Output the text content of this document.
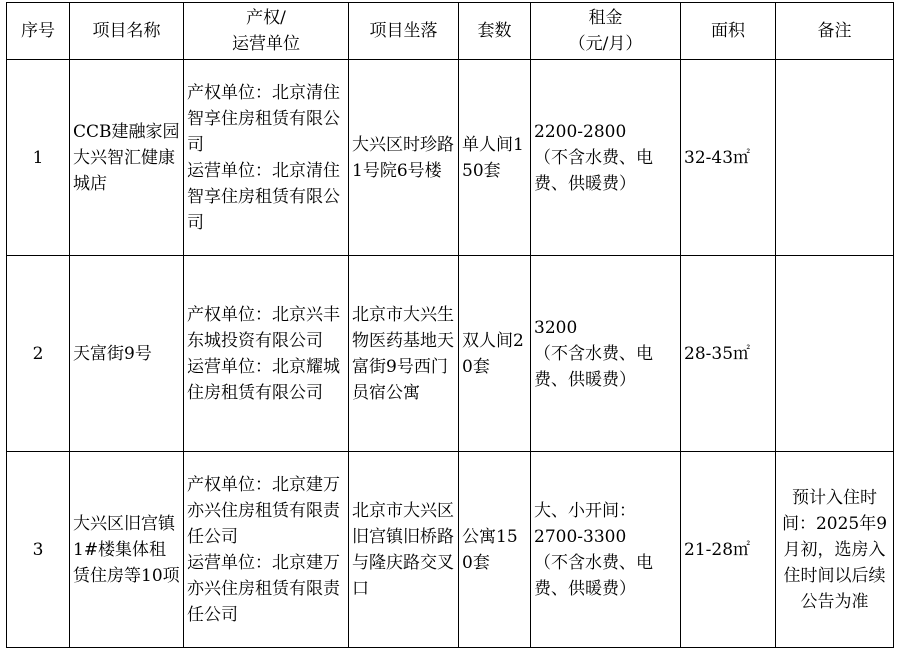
序号	项目名称	产权/
运营单位	项目坐落	套数	租金
（元/月）	面积	备注
1	CCB建融家园大兴智汇健康城店	产权单位：北京清住智享住房租赁有限公司
运营单位：北京清住智享住房租赁有限公司	大兴区时珍路1号院6号楼	单人间150套	2200-2800
（不含水费、电费、供暖费）	32-43㎡	
2	天富街9号	产权单位：北京兴丰东城投资有限公司
运营单位：北京耀城住房租赁有限公司	北京市大兴生物医药基地天富街9号西门员宿公寓	双人间20套	3200
（不含水费、电费、供暖费）	28-35㎡	
3	大兴区旧宫镇1#楼集体租赁住房等10项	产权单位：北京建万亦兴住房租赁有限责任公司
运营单位：北京建万亦兴住房租赁有限责任公司	北京市大兴区旧宫镇旧桥路与隆庆路交叉口	公寓150套	大、小开间：
2700-3300
（不含水费、电费、供暖费）	21-28㎡	预计入住时间：2025年9月初，选房入住时间以后续公告为准
